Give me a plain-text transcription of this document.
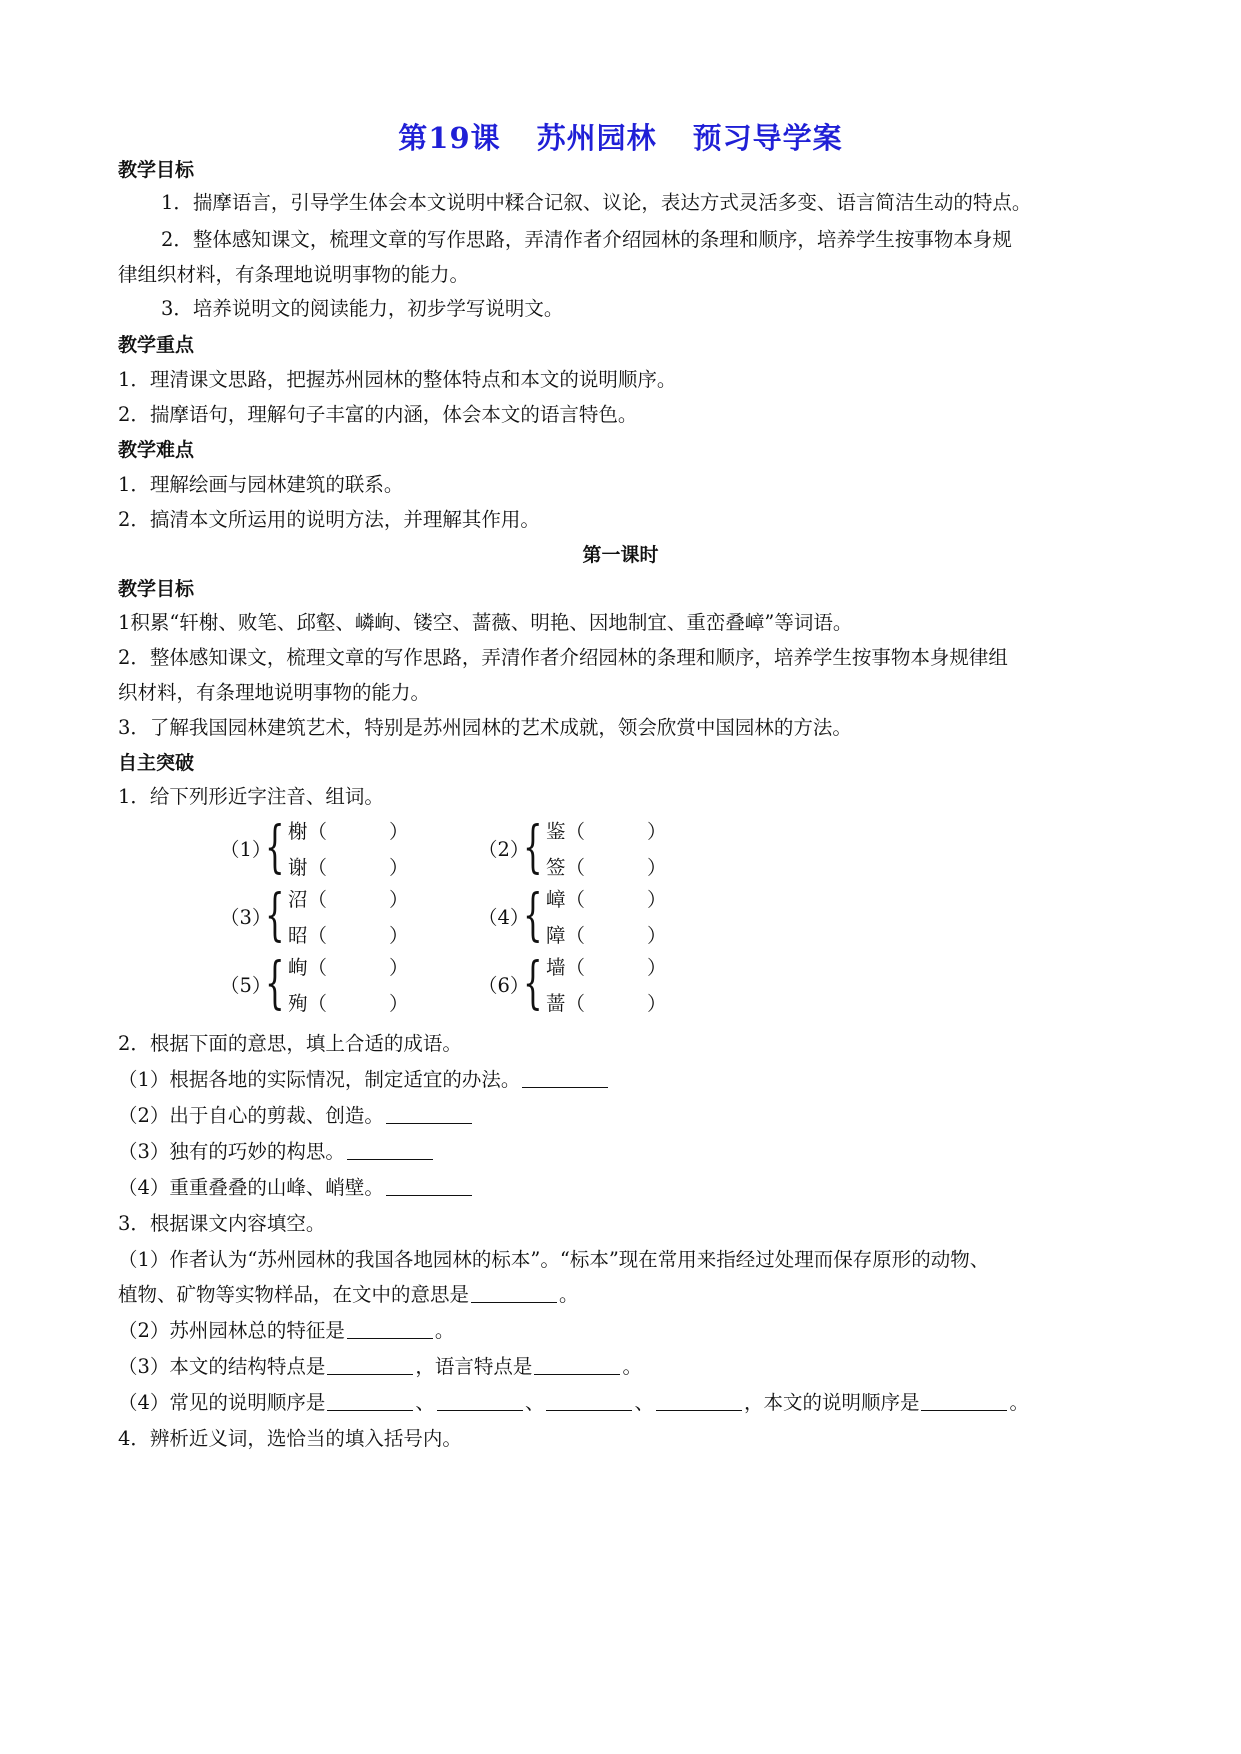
第19课 苏州园林 预习导学案
教学目标
1．揣摩语言，引导学生体会本文说明中糅合记叙、议论，表达方式灵活多变、语言简洁生动的特点。
2．整体感知课文，梳理文章的写作思路，弄清作者介绍园林的条理和顺序，培养学生按事物本身规
律组织材料，有条理地说明事物的能力。
3．培养说明文的阅读能力，初步学写说明文。
教学重点
1．理清课文思路，把握苏州园林的整体特点和本文的说明顺序。
2．揣摩语句，理解句子丰富的内涵，体会本文的语言特色。
教学难点
1．理解绘画与园林建筑的联系。
2．搞清本文所运用的说明方法，并理解其作用。
第一课时
教学目标
1积累“轩榭、败笔、邱壑、嶙峋、镂空、蔷薇、明艳、因地制宜、重峦叠嶂”等词语。
2．整体感知课文，梳理文章的写作思路，弄清作者介绍园林的条理和顺序，培养学生按事物本身规律组
织材料，有条理地说明事物的能力。
3．了解我国园林建筑艺术，特别是苏州园林的艺术成就，领会欣赏中国园林的方法。
自主突破
1．给下列形近字注音、组词。
（1）
{ 榭（	）
谢（	）
（2）
{ 鉴（	）
签（	）
（3）
{ 沼（	）
昭（	）
（4）
{ 嶂（	）
障（	）
（5）
{ 峋（	）
殉（	）
（6）
{ 墙（	）
蔷（	）
2．根据下面的意思，填上合适的成语。
（1）根据各地的实际情况，制定适宜的办法。
（2）出于自心的剪裁、创造。
（3）独有的巧妙的构思。
（4）重重叠叠的山峰、峭壁。
3．根据课文内容填空。
（1）作者认为“苏州园林的我国各地园林的标本”。“标本”现在常用来指经过处理而保存原形的动物、
植物、矿物等实物样品，在文中的意思是	。
（2）苏州园林总的特征是	。
（3）本文的结构特点是	，语言特点是	。
（4）常见的说明顺序是	、	、	、	，本文的说明顺序是	。
4．辨析近义词，选恰当的填入括号内。
